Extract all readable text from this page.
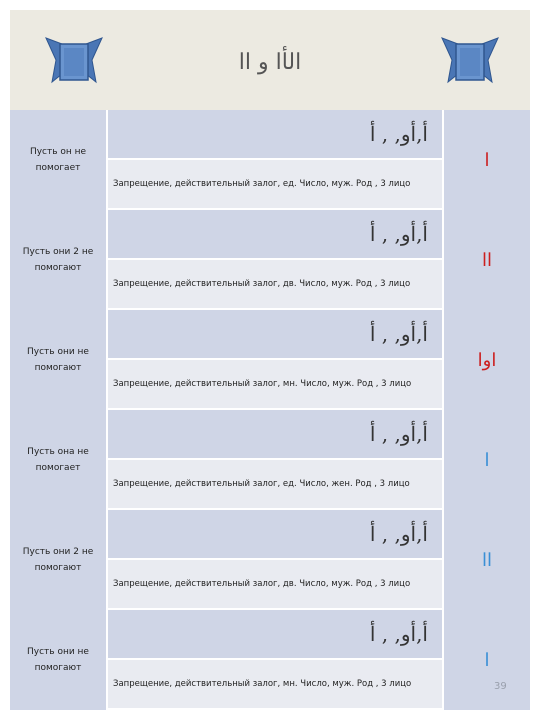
الأا و اا
Пусть он не помогает
أ,أو, , أ
Запрещение, действительный залог, ед. Число, муж. Род , 3 лицо
ا
Пусть они 2 не помогают
أ,أو, , أ
Запрещение, действительный залог, дв. Число, муж. Род , 3 лицо
اا
Пусть они не помогают
أ,أو, , أ
Запрещение, действительный залог, мн. Число, муж. Род , 3 лицо
اوا
Пусть она не помогает
أ,أو, , أ
Запрещение, действительный залог, ед. Число, жен. Род , 3 лицо
ا
Пусть они 2 не помогают
أ,أو, , أ
Запрещение, действительный залог, дв. Число, муж. Род , 3 лицо
اا
Пусть они не помогают
أ,أو, , أ
Запрещение, действительный залог, мн. Число, муж. Род , 3 лицо
ا
39
